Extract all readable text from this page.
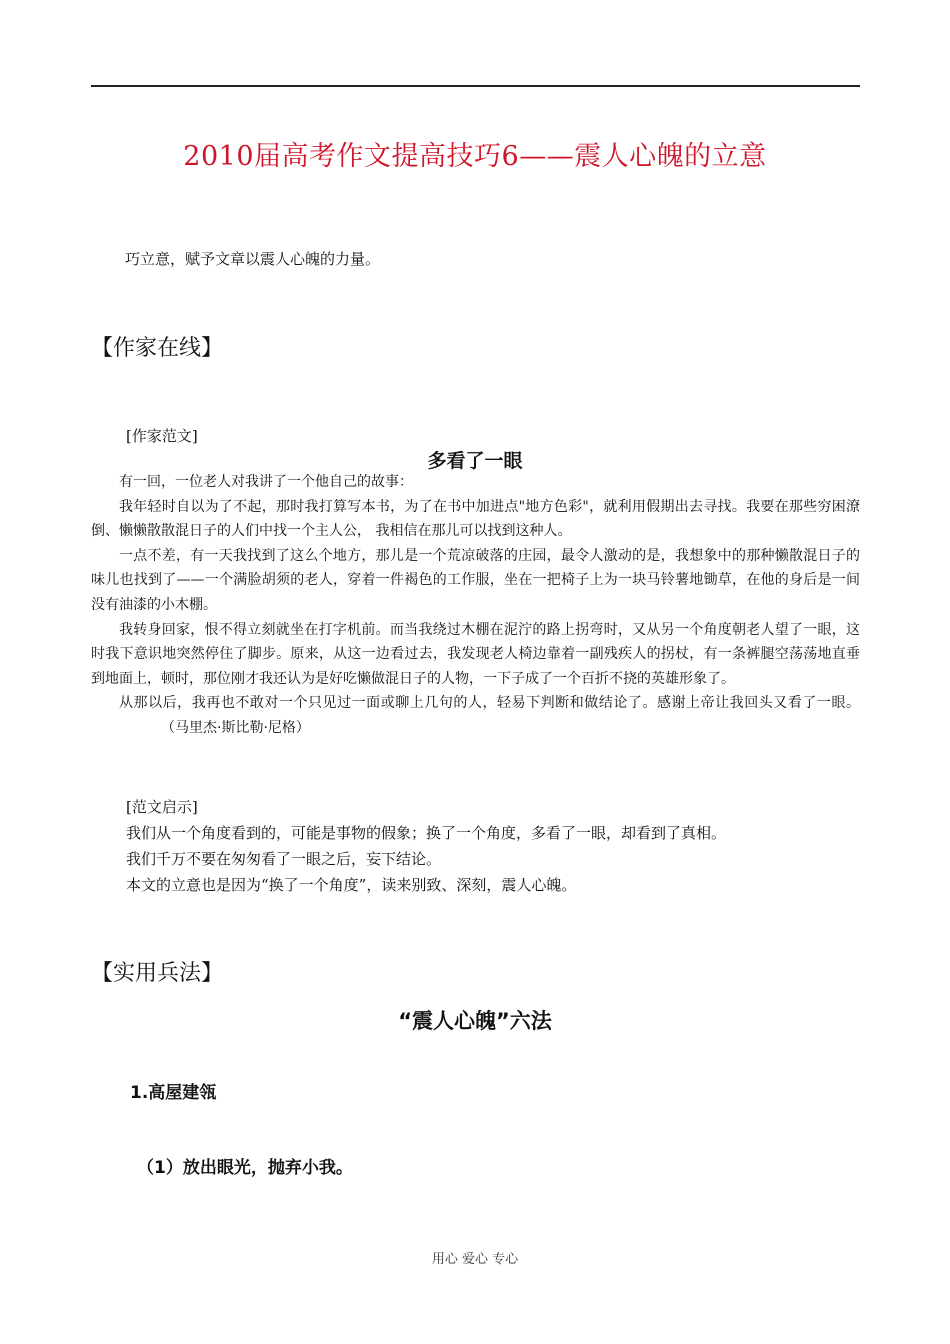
2010届高考作文提高技巧6——震人心魄的立意
巧立意，赋予文章以震人心魄的力量。
【作家在线】
[作家范文]
多看了一眼

有一回，一位老人对我讲了一个他自己的故事：

我年轻时自以为了不起，那时我打算写本书，为了在书中加进点"地方色彩"，就利用假期出去寻找。我要在那些穷困潦倒、懒懒散散混日子的人们中找一个主人公， 我相信在那儿可以找到这种人。

一点不差，有一天我找到了这么个地方，那儿是一个荒凉破落的庄园，最令人激动的是，我想象中的那种懒散混日子的味儿也找到了——一个满脸胡须的老人，穿着一件褐色的工作服，坐在一把椅子上为一块马铃薯地锄草，在他的身后是一间没有油漆的小木棚。

我转身回家，恨不得立刻就坐在打字机前。而当我绕过木棚在泥泞的路上拐弯时，又从另一个角度朝老人望了一眼，这时我下意识地突然停住了脚步。原来，从这一边看过去，我发现老人椅边靠着一副残疾人的拐杖，有一条裤腿空荡荡地直垂到地面上，顿时，那位刚才我还认为是好吃懒做混日子的人物，一下子成了一个百折不挠的英雄形象了。

从那以后，我再也不敢对一个只见过一面或聊上几句的人，轻易下判断和做结论了。感谢上帝让我回头又看了一眼。（马里杰·斯比勒·尼格）

[范文启示]
我们从一个角度看到的，可能是事物的假象；换了一个角度，多看了一眼，却看到了真相。
我们千万不要在匆匆看了一眼之后，妄下结论。
本文的立意也是因为“换了一个角度”，读来别致、深刻，震人心魄。
【实用兵法】
“震人心魄”六法
1.高屋建瓴
（1）放出眼光，抛弃小我。
用心 爱心 专心
